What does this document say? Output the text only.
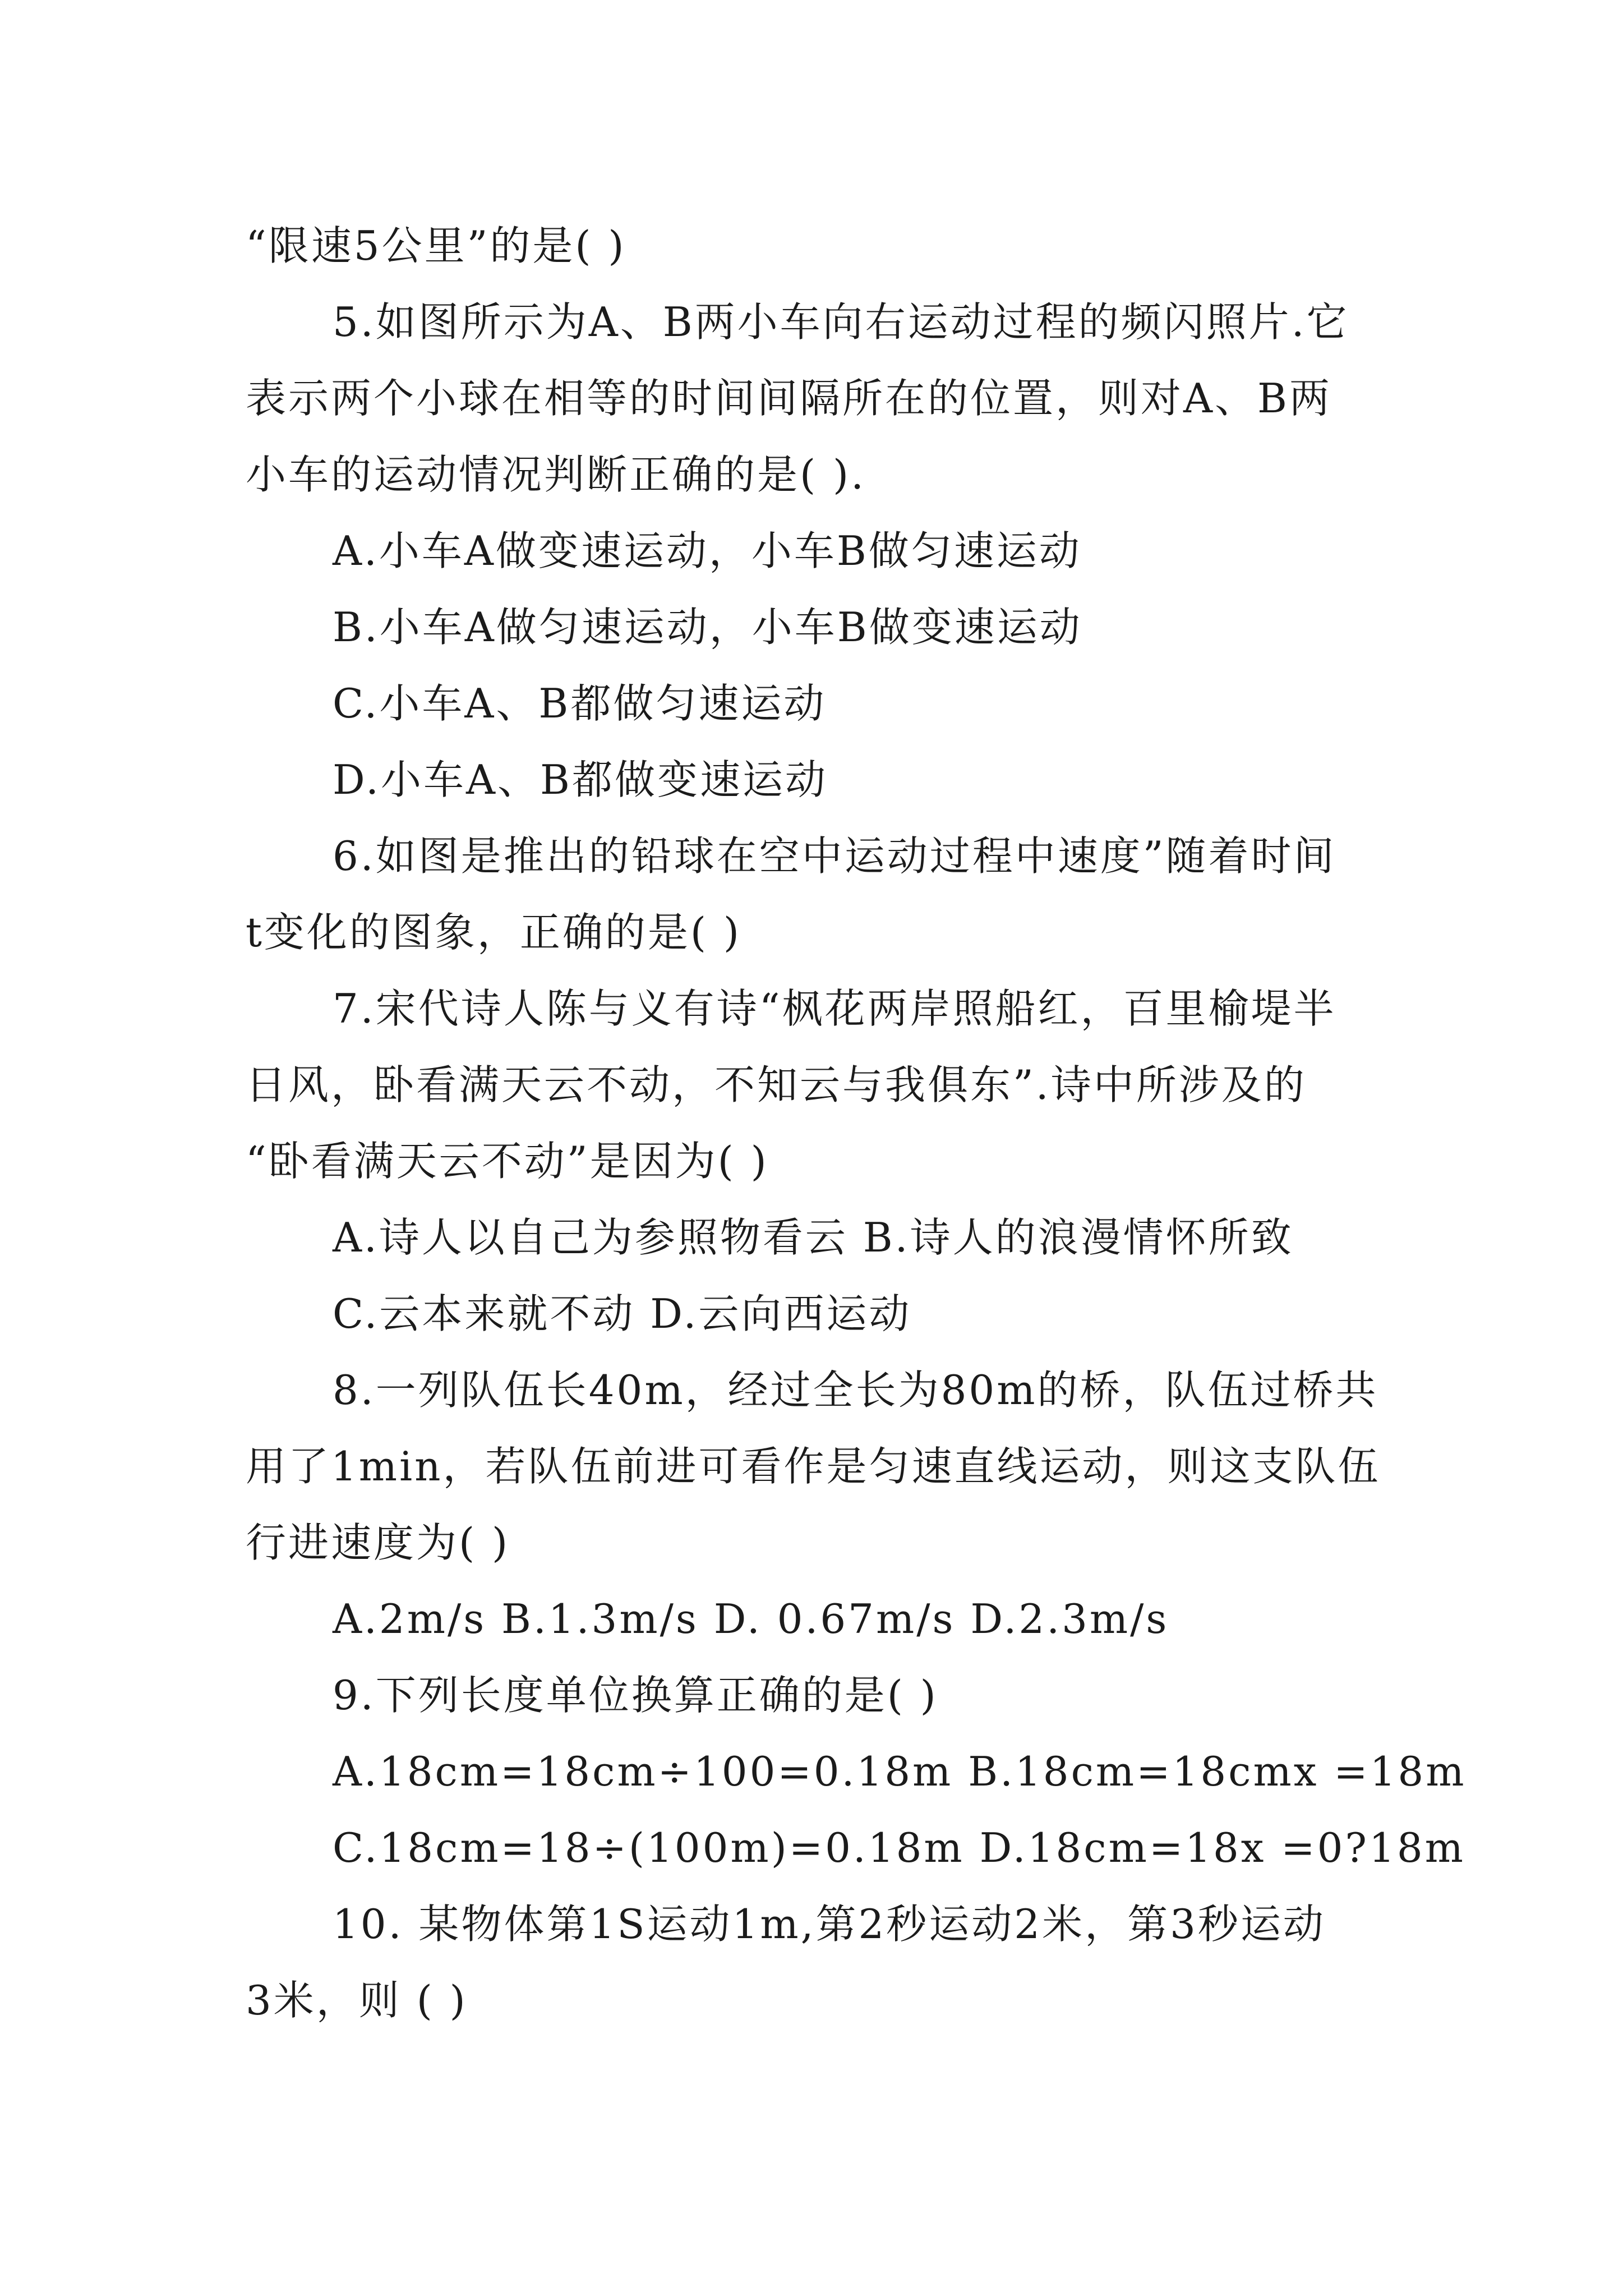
“限速5公里”的是( )
5.如图所示为A、B两小车向右运动过程的频闪照片.它
表示两个小球在相等的时间间隔所在的位置，则对A、B两
小车的运动情况判断正确的是( ).
A.小车A做变速运动，小车B做匀速运动
B.小车A做匀速运动，小车B做变速运动
C.小车A、B都做匀速运动
D.小车A、B都做变速运动
6.如图是推出的铅球在空中运动过程中速度”随着时间
t变化的图象，正确的是( )
7.宋代诗人陈与义有诗“枫花两岸照船红，百里榆堤半
日风，卧看满天云不动，不知云与我俱东”.诗中所涉及的
“卧看满天云不动”是因为( )
A.诗人以自己为参照物看云 B.诗人的浪漫情怀所致
C.云本来就不动 D.云向西运动
8.一列队伍长40m，经过全长为80m的桥，队伍过桥共
用了1min，若队伍前进可看作是匀速直线运动，则这支队伍
行进速度为( )
A.2m/s B.1.3m/s D. 0.67m/s D.2.3m/s
9.下列长度单位换算正确的是( )
A.18cm=18cm÷100=0.18m B.18cm=18cmx =18m
C.18cm=18÷(100m)=0.18m D.18cm=18x =0?18m
10. 某物体第1S运动1m,第2秒运动2米，第3秒运动
3米，则 ( )
